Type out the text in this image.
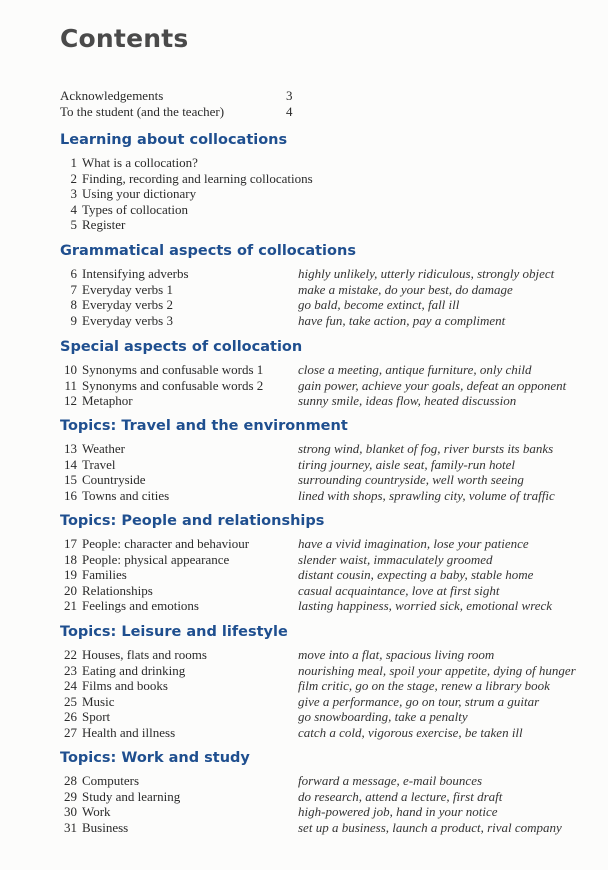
Contents
Acknowledgements	3
To the student (and the teacher)	4
Learning about collocations
1 What is a collocation?
2 Finding, recording and learning collocations
3 Using your dictionary
4 Types of collocation
5 Register
Grammatical aspects of collocations
6 Intensifying adverbs	highly unlikely, utterly ridiculous, strongly object
7 Everyday verbs 1	make a mistake, do your best, do damage
8 Everyday verbs 2	go bald, become extinct, fall ill
9 Everyday verbs 3	have fun, take action, pay a compliment
Special aspects of collocation
10 Synonyms and confusable words 1	close a meeting, antique furniture, only child
11 Synonyms and confusable words 2	gain power, achieve your goals, defeat an opponent
12 Metaphor	sunny smile, ideas flow, heated discussion
Topics: Travel and the environment
13 Weather	strong wind, blanket of fog, river bursts its banks
14 Travel	tiring journey, aisle seat, family-run hotel
15 Countryside	surrounding countryside, well worth seeing
16 Towns and cities	lined with shops, sprawling city, volume of traffic
Topics: People and relationships
17 People: character and behaviour	have a vivid imagination, lose your patience
18 People: physical appearance	slender waist, immaculately groomed
19 Families	distant cousin, expecting a baby, stable home
20 Relationships	casual acquaintance, love at first sight
21 Feelings and emotions	lasting happiness, worried sick, emotional wreck
Topics: Leisure and lifestyle
22 Houses, flats and rooms	move into a flat, spacious living room
23 Eating and drinking	nourishing meal, spoil your appetite, dying of hunger
24 Films and books	film critic, go on the stage, renew a library book
25 Music	give a performance, go on tour, strum a guitar
26 Sport	go snowboarding, take a penalty
27 Health and illness	catch a cold, vigorous exercise, be taken ill
Topics: Work and study
28 Computers	forward a message, e-mail bounces
29 Study and learning	do research, attend a lecture, first draft
30 Work	high-powered job, hand in your notice
31 Business	set up a business, launch a product, rival company
